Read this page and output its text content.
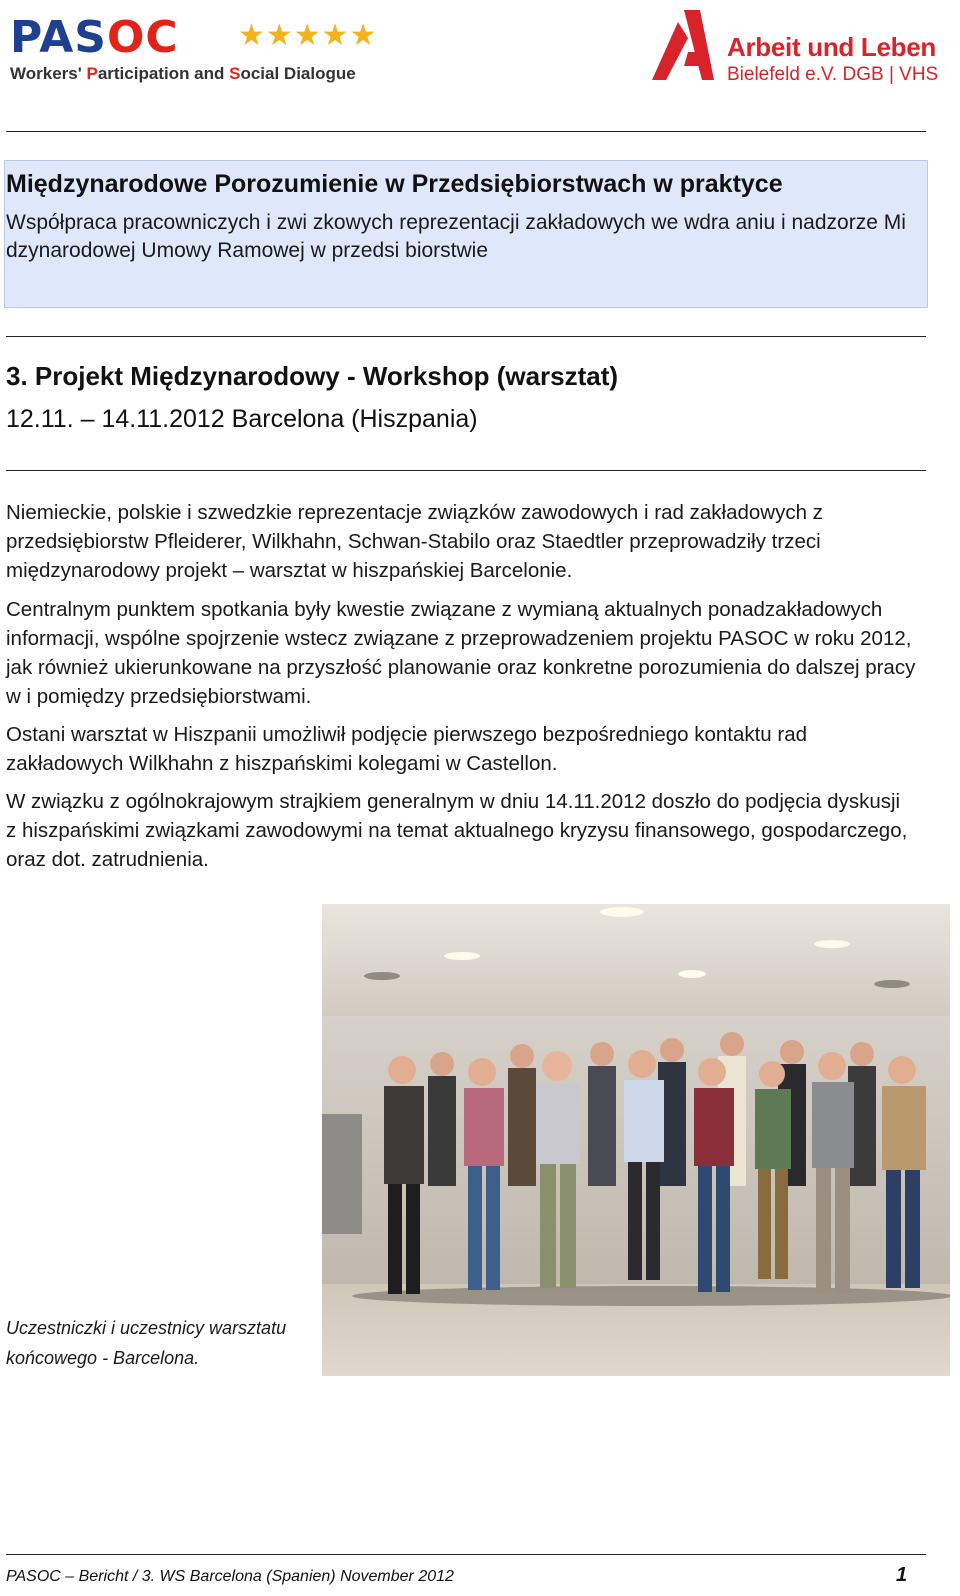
PASOC ★★★★★
Workers' Participation and Social Dialogue
Arbeit und Leben
Bielefeld e.V. DGB | VHS
Międzynarodowe Porozumienie w Przedsiębiorstwach w praktyce
Współpraca pracowniczych i zwi zkowych reprezentacji zakładowych we wdra aniu i nadzorze Mi dzynarodowej Umowy Ramowej w przedsi biorstwie
3. Projekt Międzynarodowy - Workshop (warsztat)
12.11. – 14.11.2012 Barcelona (Hiszpania)
Niemieckie, polskie i szwedzkie reprezentacje związków zawodowych i rad zakładowych z przedsiębiorstw Pfleiderer, Wilkhahn, Schwan-Stabilo oraz Staedtler przeprowadziły trzeci międzynarodowy projekt – warsztat w hiszpańskiej Barcelonie.
Centralnym punktem spotkania były kwestie związane z wymianą aktualnych ponadzakładowych informacji, wspólne spojrzenie wstecz związane z przeprowadzeniem projektu PASOC w roku 2012, jak również ukierunkowane na przyszłość planowanie oraz konkretne porozumienia do dalszej pracy w i pomiędzy przedsiębiorstwami.
Ostani warsztat w Hiszpanii umożliwił podjęcie pierwszego bezpośredniego kontaktu rad zakładowych Wilkhahn z hiszpańskimi kolegami w Castellon.
W związku z ogólnokrajowym strajkiem generalnym w dniu 14.11.2012 doszło do podjęcia dyskusji z hiszpańskimi związkami zawodowymi na temat aktualnego kryzysu finansowego, gospodarczego, oraz dot. zatrudnienia.
Uczestniczki i uczestnicy warsztatu końcowego - Barcelona.
PASOC – Bericht / 3. WS Barcelona (Spanien) November 2012	1
